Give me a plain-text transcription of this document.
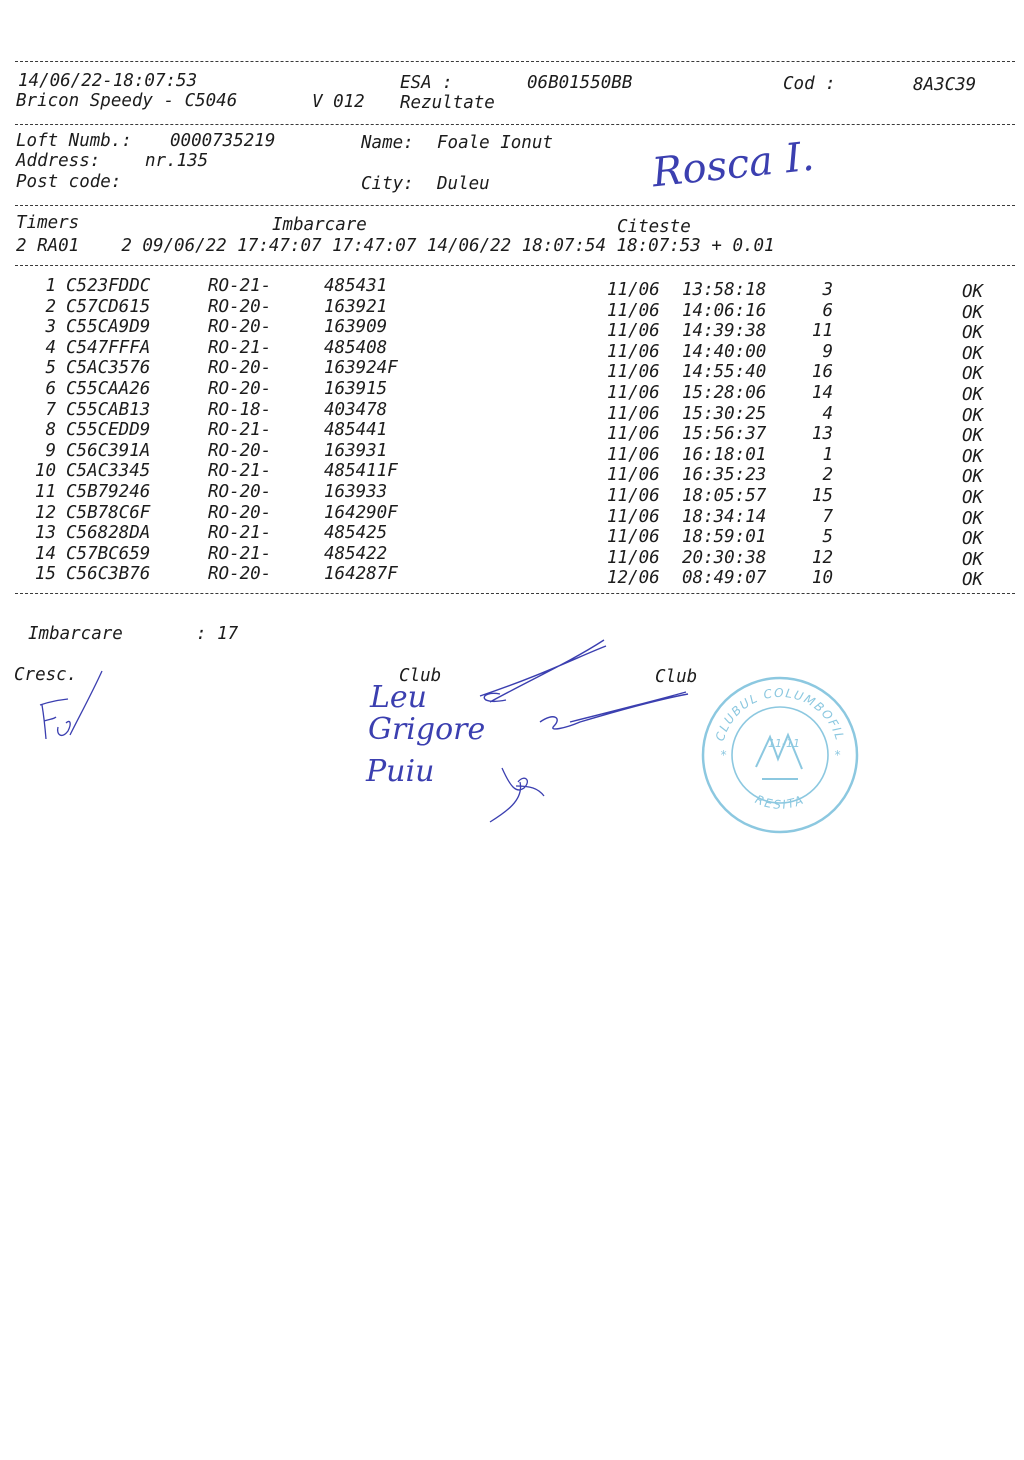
14/06/22-18:07:53	ESA :	06B01550BB	Cod :	8A3C39
Bricon Speedy - C5046	V 012 Rezultate
Loft Numb.: 0000735219	Name: Foale Ionut
Address:	nr.135
Post code:	City: Duleu	Rosca I.
Timers	Imbarcare	Citeste
2 RA01    2 09/06/22 17:47:07 17:47:07 14/06/22 18:07:54 18:07:53 + 0.01
1 C523FDDC	RO-21-	485431	11/06 13:58:18	3	OK
2 C57CD615	RO-20-	163921	11/06 14:06:16	6	OK
3 C55CA9D9	RO-20-	163909	11/06 14:39:38	11	OK
4 C547FFFA	RO-21-	485408	11/06 14:40:00	9	OK
5 C5AC3576	RO-20-	163924F	11/06 14:55:40	16	OK
6 C55CAA26	RO-20-	163915	11/06 15:28:06	14	OK
7 C55CAB13	RO-18-	403478	11/06 15:30:25	4	OK
8 C55CEDD9	RO-21-	485441	11/06 15:56:37	13	OK
9 C56C391A	RO-20-	163931	11/06 16:18:01	1	OK
10 C5AC3345	RO-21-	485411F	11/06 16:35:23	2	OK
11 C5B79246	RO-20-	163933	11/06 18:05:57	15	OK
12 C5B78C6F	RO-20-	164290F	11/06 18:34:14	7	OK
13 C56828DA	RO-21-	485425	11/06 18:59:01	5	OK
14 C57BC659	RO-21-	485422	11/06 20:30:38	12	OK
15 C56C3B76	RO-20-	164287F	12/06 08:49:07	10	OK
Imbarcare	: 17
Cresc.	Club	Club
Leu
Grigore
Puiu
CLUBUL COLUMBOFIL
RESITA
11-11
*	*
